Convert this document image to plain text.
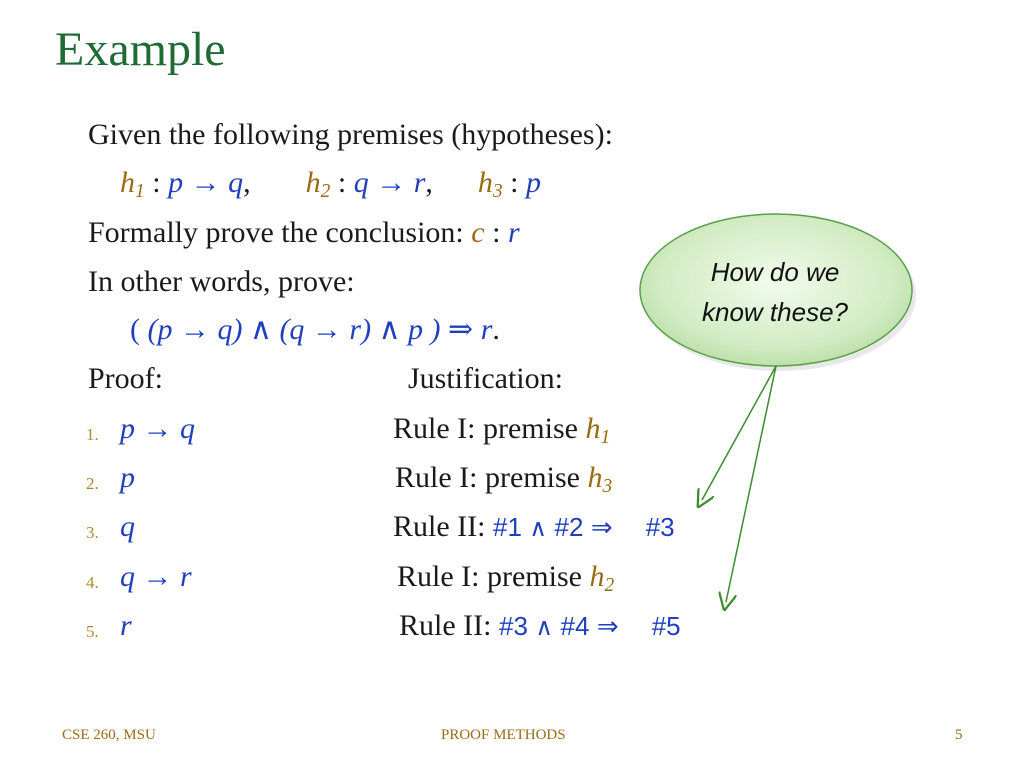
Example
Given the following premises (hypotheses):
$h_1$ : p → q, $h_2$ : q → r, $h_3$ : p
Formally prove the conclusion: c : r
In other words, prove:
( (p → q) ∧ (q → r) ∧ p ) ⇒ r.
Proof:	Justification:
1. p → q	Rule I: premise $h_1$
2. p	Rule I: premise $h_3$
3. q	Rule II: #1 ∧ #2 ⇒ #3
4. q → r	Rule I: premise $h_2$
5. r	Rule II: #3 ∧ #4 ⇒ #5
How do we
know these?
CSE 260, MSU	PROOF METHODS	5
